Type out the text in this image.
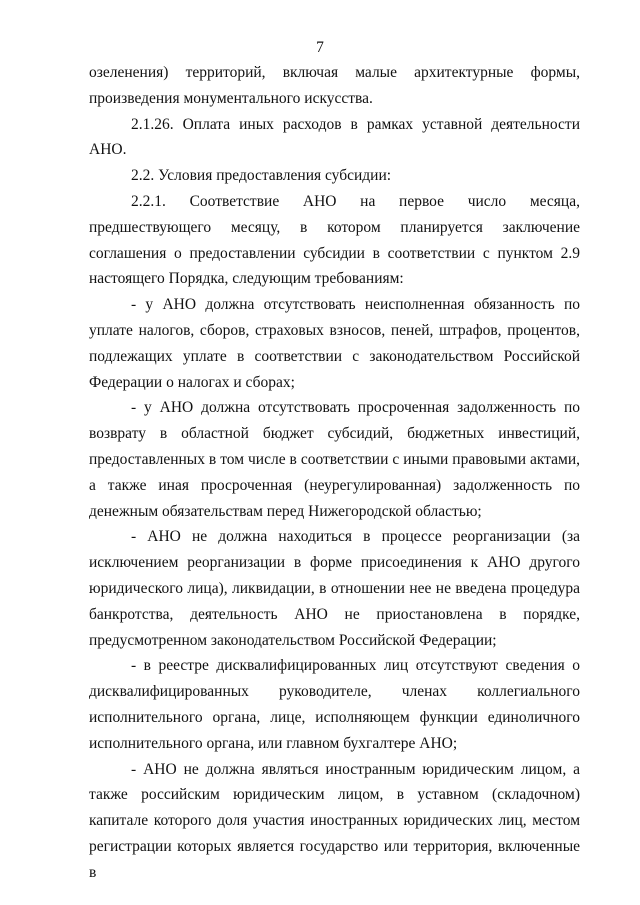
7

озеленения) территорий, включая малые архитектурные формы, произведения монументального искусства.

2.1.26. Оплата иных расходов в рамках уставной деятельности АНО.

2.2. Условия предоставления субсидии:

2.2.1. Соответствие АНО на первое число месяца, предшествующего месяцу, в котором планируется заключение соглашения о предоставлении субсидии в соответствии с пунктом 2.9 настоящего Порядка, следующим требованиям:

- у АНО должна отсутствовать неисполненная обязанность по уплате налогов, сборов, страховых взносов, пеней, штрафов, процентов, подлежащих уплате в соответствии с законодательством Российской Федерации о налогах и сборах;

- у АНО должна отсутствовать просроченная задолженность по возврату в областной бюджет субсидий, бюджетных инвестиций, предоставленных в том числе в соответствии с иными правовыми актами, а также иная просроченная (неурегулированная) задолженность по денежным обязательствам перед Нижегородской областью;

- АНО не должна находиться в процессе реорганизации (за исключением реорганизации в форме присоединения к АНО другого юридического лица), ликвидации, в отношении нее не введена процедура банкротства, деятельность АНО не приостановлена в порядке, предусмотренном законодательством Российской Федерации;

- в реестре дисквалифицированных лиц отсутствуют сведения о дисквалифицированных руководителе, членах коллегиального исполнительного органа, лице, исполняющем функции единоличного исполнительного органа, или главном бухгалтере АНО;

- АНО не должна являться иностранным юридическим лицом, а также российским юридическим лицом, в уставном (складочном) капитале которого доля участия иностранных юридических лиц, местом регистрации которых является государство или территория, включенные в
